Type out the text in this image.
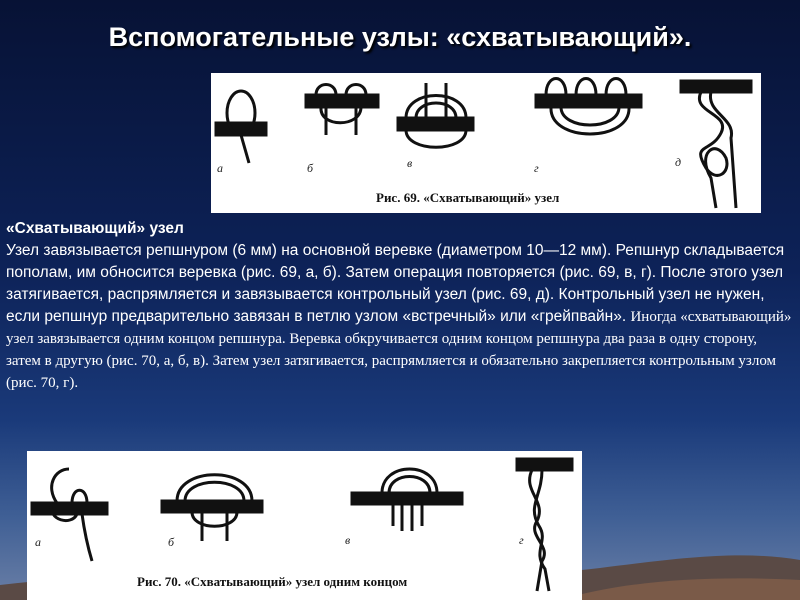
Вспомогательные узлы: «схватывающий».
а	б	в	г	д
Рис. 69. «Схватывающий» узел

«Схватывающий» узел

Узел завязывается репшнуром (6 мм) на основной веревке (диаметром 10—12 мм). Репшнур складывается пополам, им обносится веревка (рис. 69, а, б). Затем операция повторяется (рис. 69, в, г). После этого узел затягивается, распрямляется и завязывается контрольный узел (рис. 69, д). Контрольный узел не нужен, если репшнур предварительно завязан в петлю узлом «встречный» или «грейпвайн». Иногда «схватывающий» узел завязывается одним концом репшнура. Веревка обкручивается одним концом репшнура два раза в одну сторону, затем в другую (рис. 70, а, б, в). Затем узел затягивается, распрямляется и обязательно закрепляется контрольным узлом (рис. 70, г).

а	б	в	г
Рис. 70. «Схватывающий» узел одним концом
